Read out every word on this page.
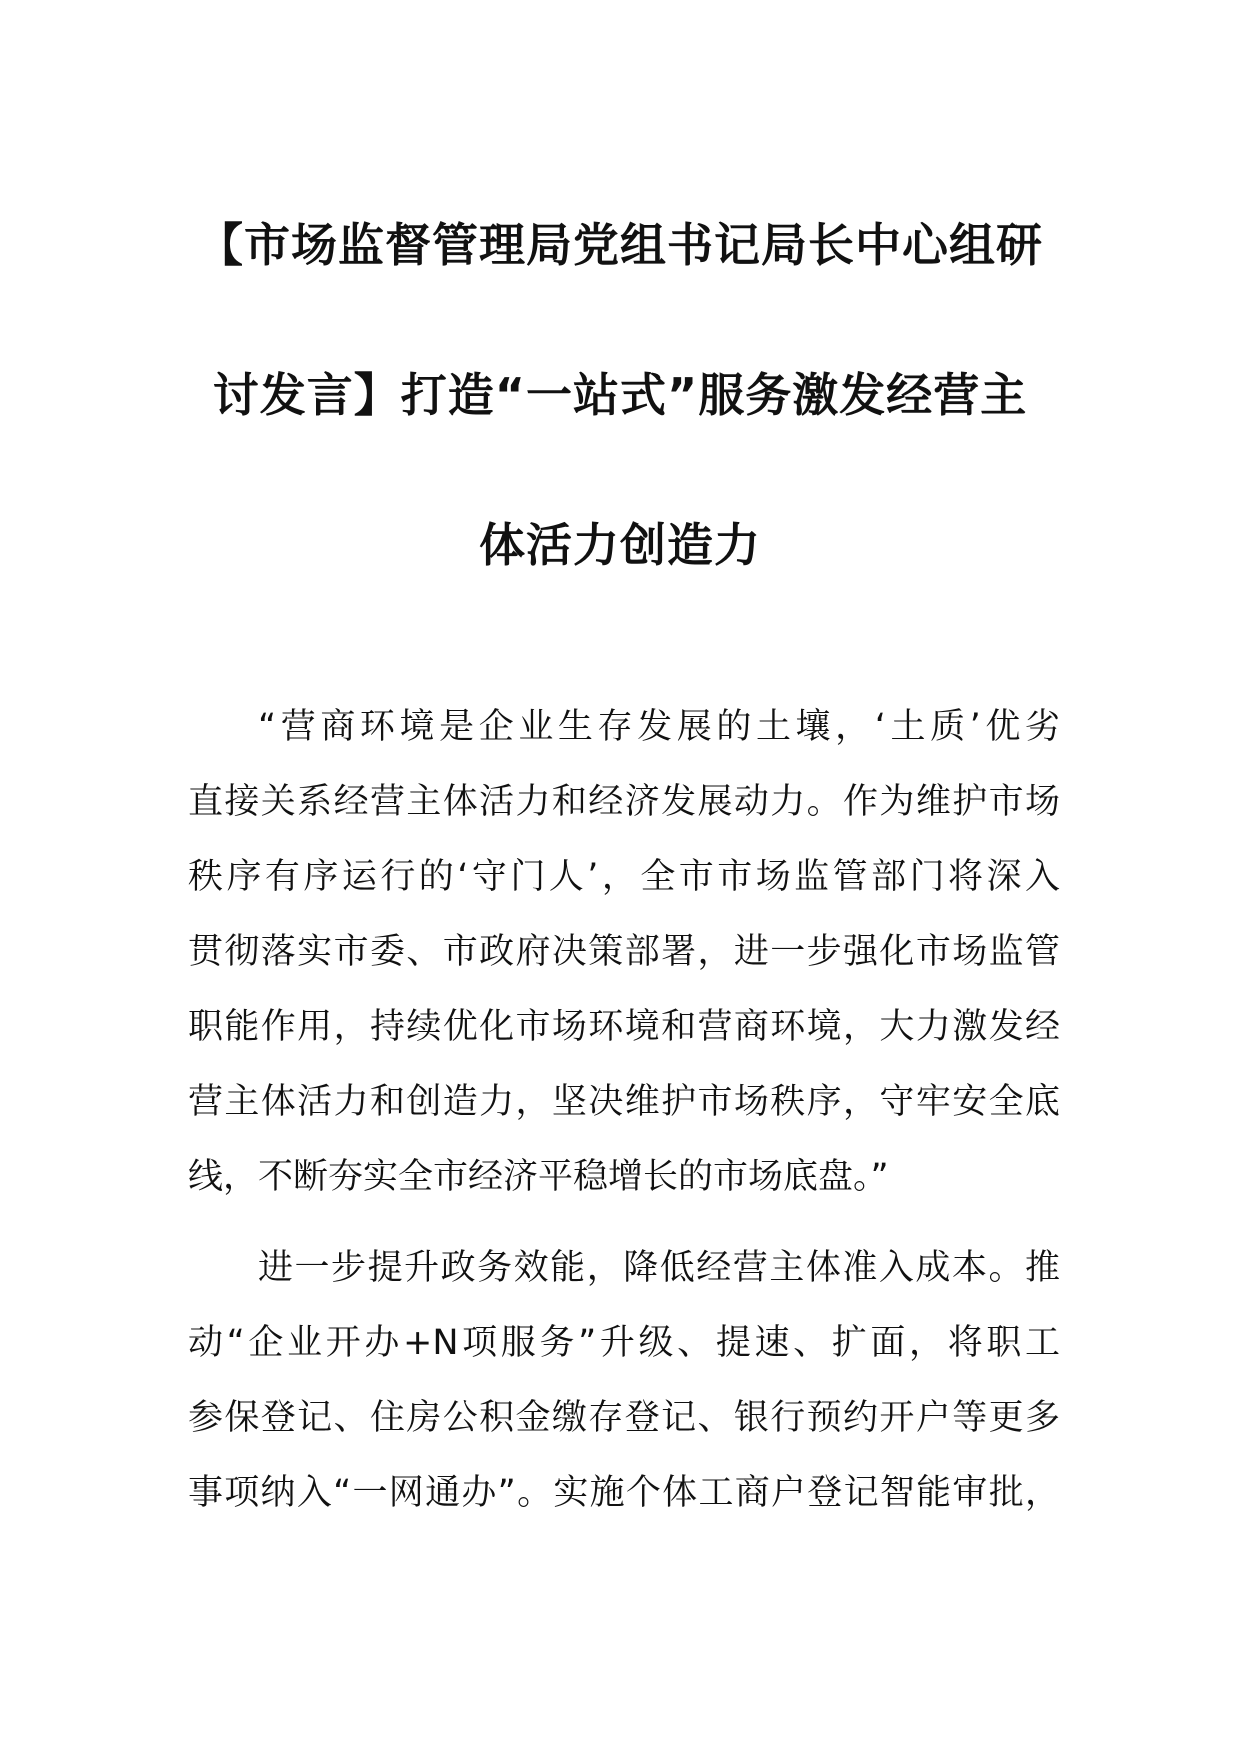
【市场监督管理局党组书记局长中心组研
讨发言】打造“一站式”服务激发经营主
体活力创造力

“营商环境是企业生存发展的土壤，‘土质’优劣
直接关系经营主体活力和经济发展动力。作为维护市场
秩序有序运行的‘守门人’，全市市场监管部门将深入
贯彻落实市委、市政府决策部署，进一步强化市场监管
职能作用，持续优化市场环境和营商环境，大力激发经
营主体活力和创造力，坚决维护市场秩序，守牢安全底
线，不断夯实全市经济平稳增长的市场底盘。”

进一步提升政务效能，降低经营主体准入成本。推
动“企业开办+N项服务”升级、提速、扩面，将职工
参保登记、住房公积金缴存登记、银行预约开户等更多
事项纳入“一网通办”。实施个体工商户登记智能审批，
